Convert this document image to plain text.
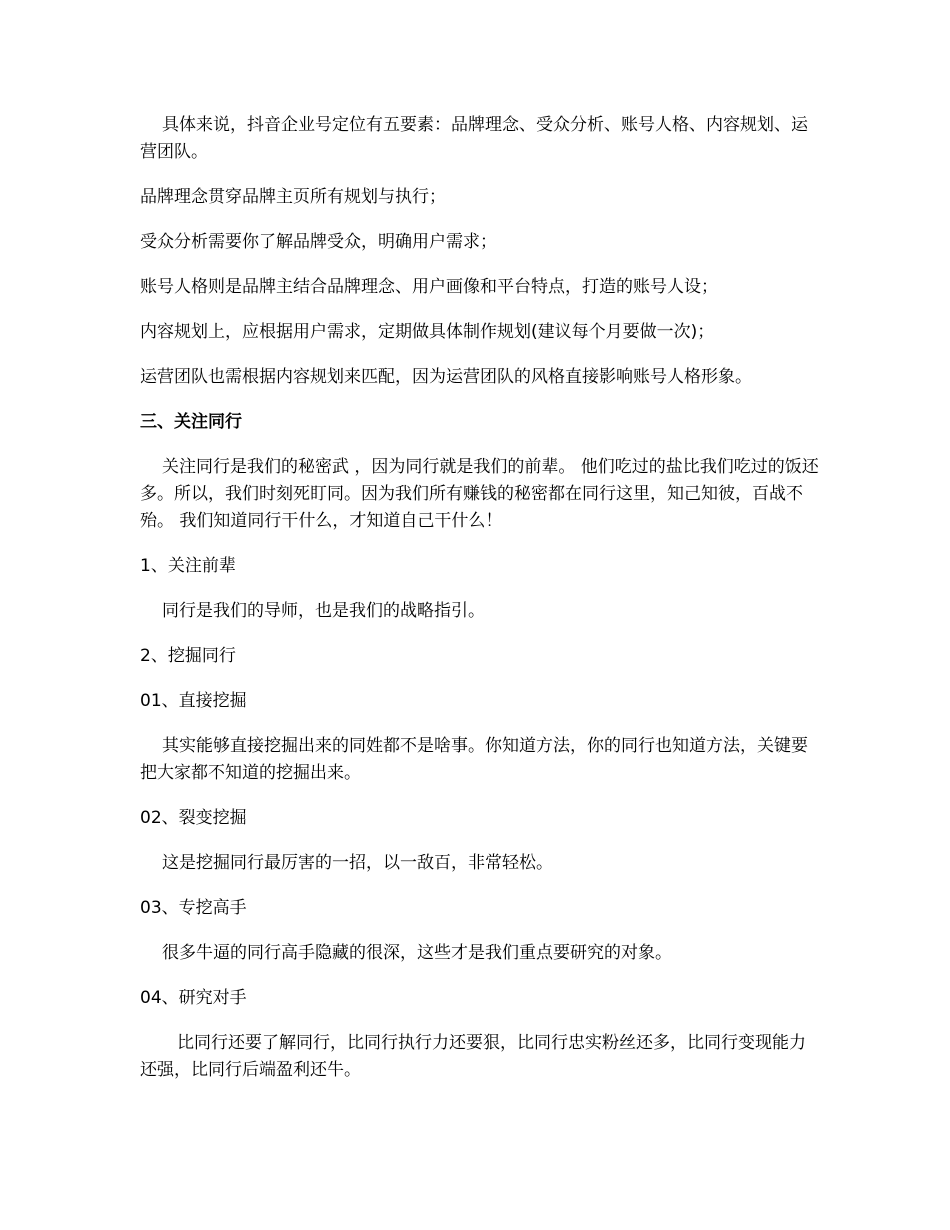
具体来说，抖音企业号定位有五要素：品牌理念、受众分析、账号人格、内容规划、运营团队。

品牌理念贯穿品牌主页所有规划与执行；

受众分析需要你了解品牌受众，明确用户需求；

账号人格则是品牌主结合品牌理念、用户画像和平台特点，打造的账号人设；

内容规划上，应根据用户需求，定期做具体制作规划(建议每个月要做一次)；

运营团队也需根据内容规划来匹配，因为运营团队的风格直接影响账号人格形象。

三、关注同行

关注同行是我们的秘密武 ，因为同行就是我们的前辈。 他们吃过的盐比我们吃过的饭还多。所以，我们时刻死盯同。因为我们所有赚钱的秘密都在同行这里，知己知彼，百战不殆。 我们知道同行干什么，才知道自己干什么！

1、关注前辈

同行是我们的导师，也是我们的战略指引。

2、挖掘同行

01、直接挖掘

其实能够直接挖掘出来的同姓都不是啥事。你知道方法，你的同行也知道方法，关键要把大家都不知道的挖掘出来。

02、裂变挖掘

这是挖掘同行最厉害的一招，以一敌百，非常轻松。

03、专挖高手

很多牛逼的同行高手隐藏的很深，这些才是我们重点要研究的对象。

04、研究对手

比同行还要了解同行，比同行执行力还要狠，比同行忠实粉丝还多，比同行变现能力还强，比同行后端盈利还牛。
